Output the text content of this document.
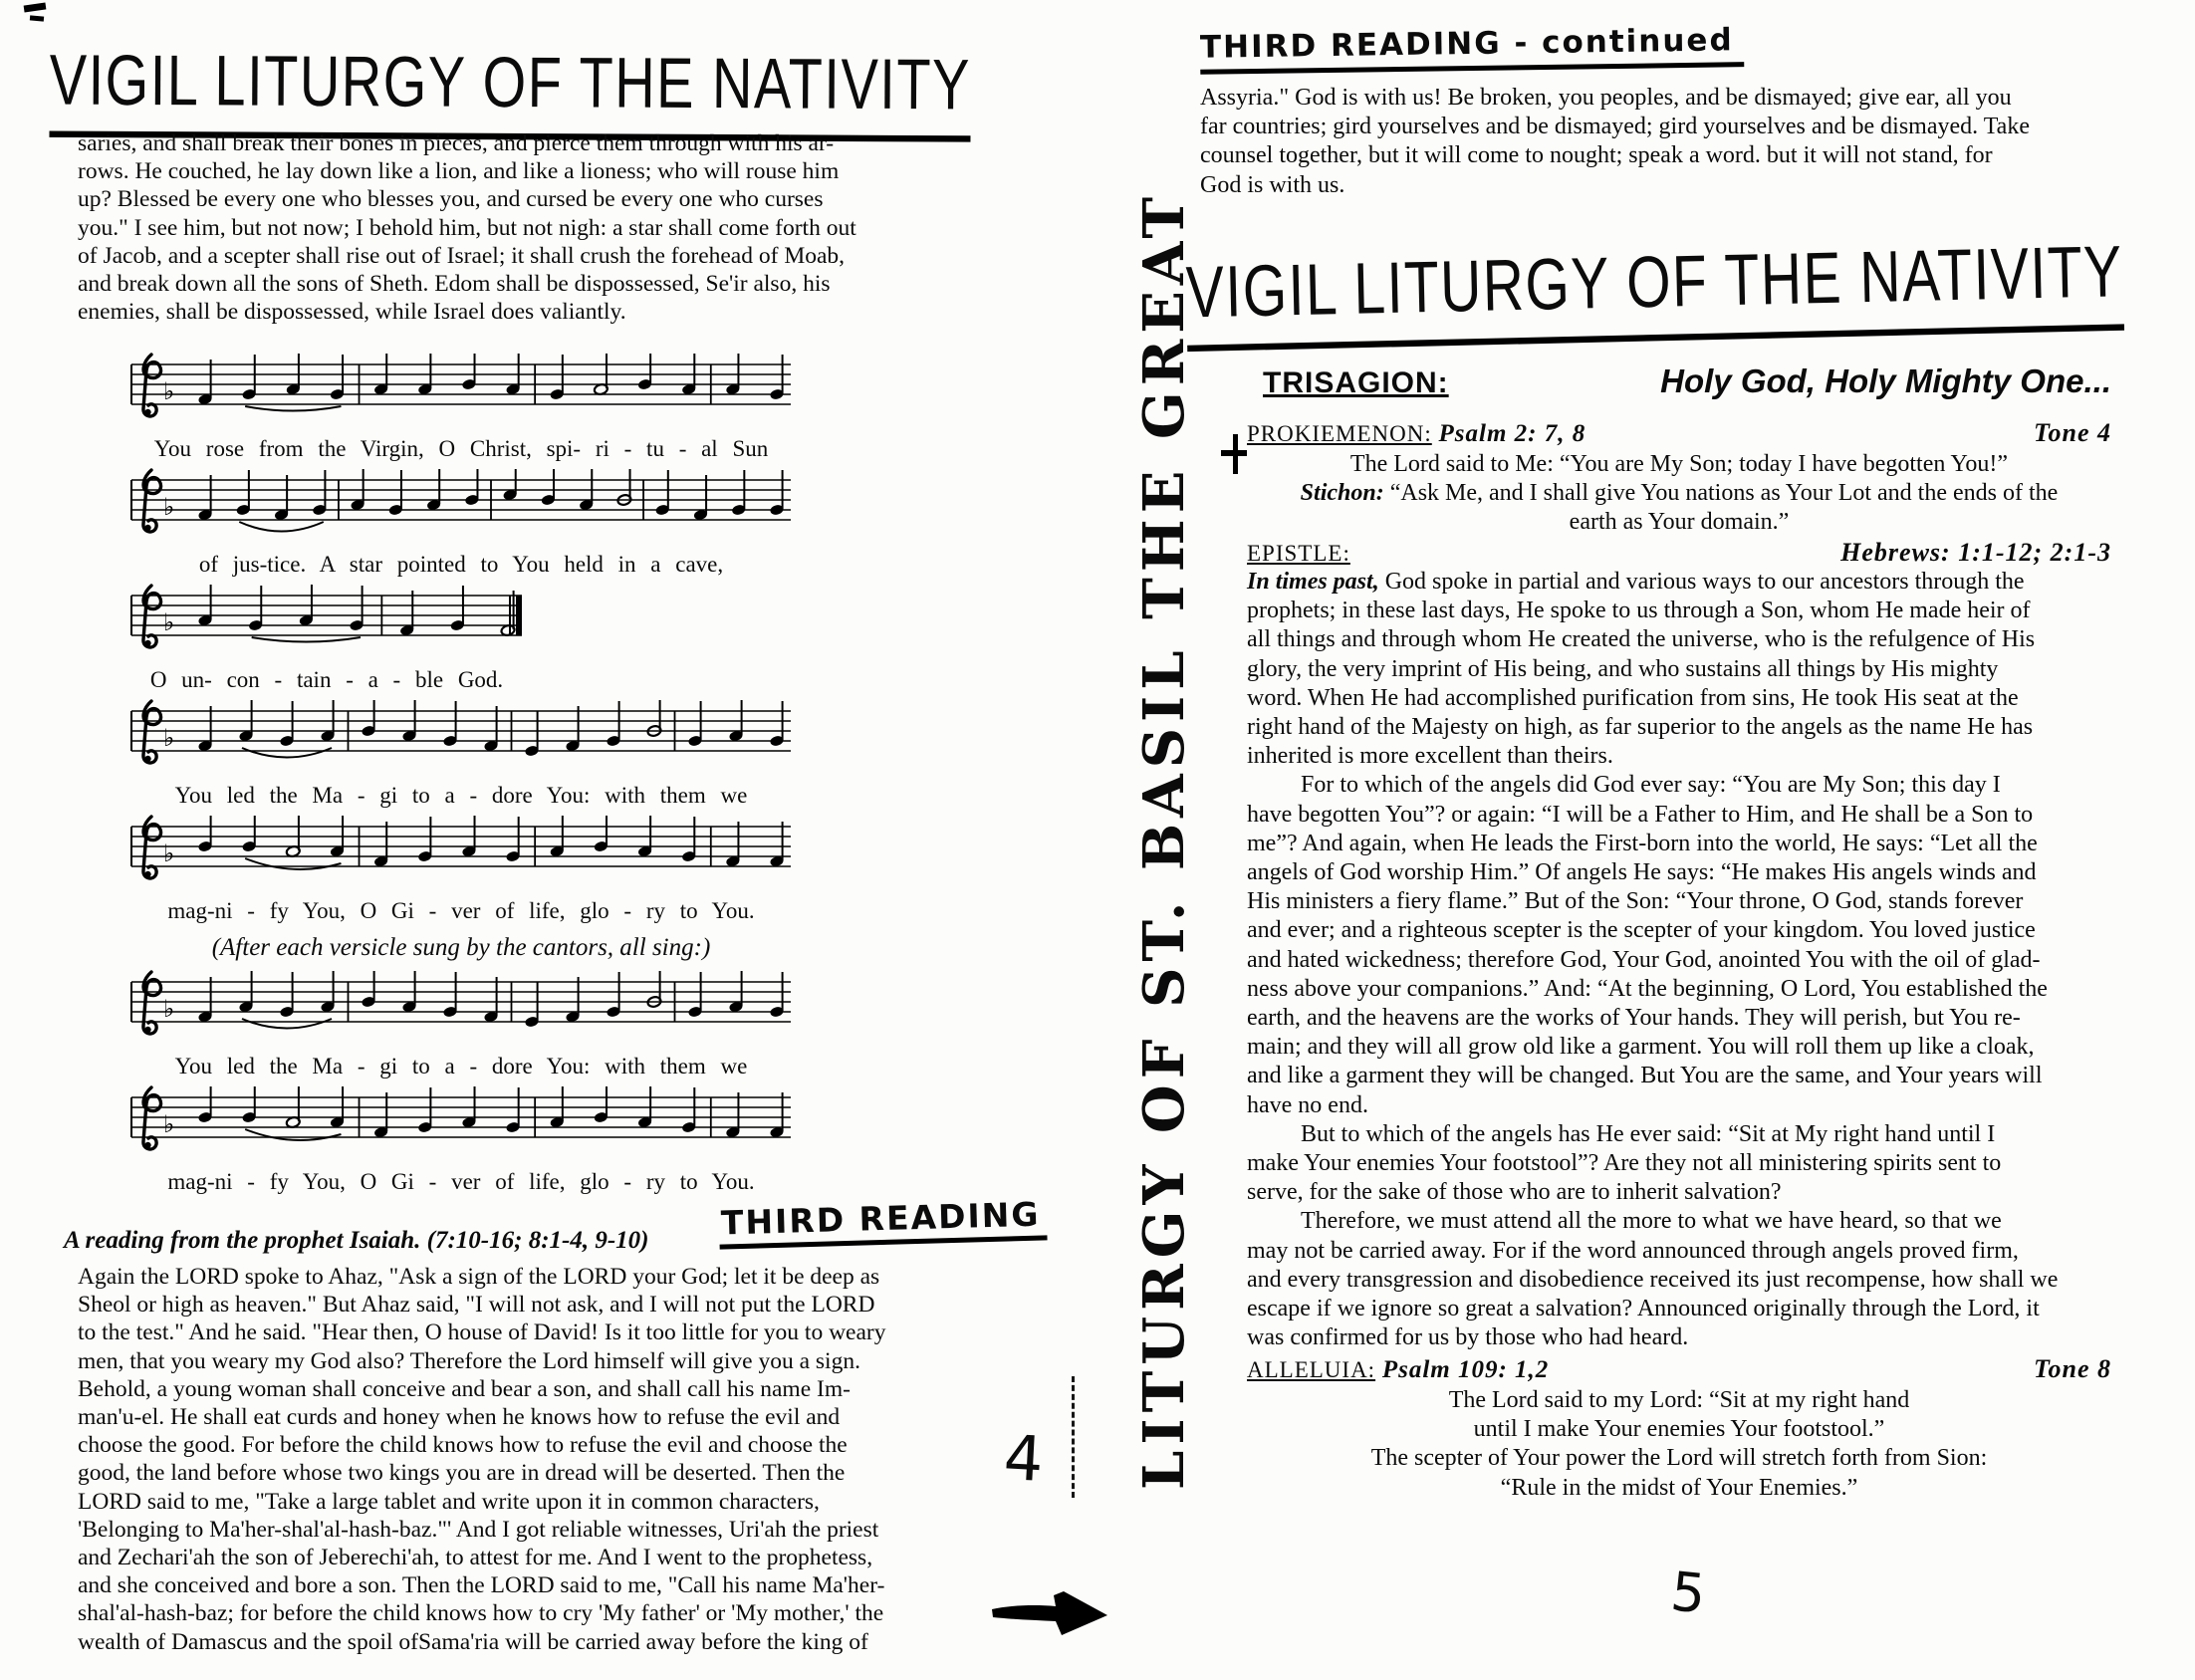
VIGIL LITURGY OF THE NATIVITY
saries, and shall break their bones in pieces, and pierce them through with his ar-
rows. He couched, he lay down like a lion, and like a lioness; who will rouse him
up? Blessed be every one who blesses you, and cursed be every one who curses
you." I see him, but not now; I behold him, but not nigh: a star shall come forth out
of Jacob, and a scepter shall rise out of Israel; it shall crush the forehead of Moab,
and break down all the sons of Sheth. Edom shall be dispossessed, Se'ir also, his
enemies, shall be dispossessed, while Israel does valiantly.
♭
You rose from the Virgin, O Christ, spi- ri - tu - al Sun
♭
of jus-tice. A star pointed to You held in a cave,
♭
O un- con - tain - a - ble God.
♭
You led the Ma - gi to a - dore You: with them we
♭
mag-ni - fy You, O Gi - ver of life, glo - ry to You.
(After each versicle sung by the cantors, all sing:)
♭
You led the Ma - gi to a - dore You: with them we
♭
mag-ni - fy You, O Gi - ver of life, glo - ry to You.
A reading from the prophet Isaiah. (7:10-16; 8:1-4, 9-10) THIRD READING
Again the LORD spoke to Ahaz, "Ask a sign of the LORD your God; let it be deep as
Sheol or high as heaven." But Ahaz said, "I will not ask, and I will not put the LORD
to the test." And he said. "Hear then, O house of David! Is it too little for you to weary
men, that you weary my God also? Therefore the Lord himself will give you a sign.
Behold, a young woman shall conceive and bear a son, and shall call his name Im-
man'u-el. He shall eat curds and honey when he knows how to refuse the evil and
choose the good. For before the child knows how to refuse the evil and choose the
good, the land before whose two kings you are in dread will be deserted. Then the
LORD said to me, "Take a large tablet and write upon it in common characters,
'Belonging to Ma'her-shal'al-hash-baz."' And I got reliable witnesses, Uri'ah the priest
and Zechari'ah the son of Jeberechi'ah, to attest for me. And I went to the prophetess,
and she conceived and bore a son. Then the LORD said to me, "Call his name Ma'her-
shal'al-hash-baz; for before the child knows how to cry 'My father' or 'My mother,' the
wealth of Damascus and the spoil ofSama'ria will be carried away before the king of
4
THIRD READING - continued
Assyria." God is with us! Be broken, you peoples, and be dismayed; give ear, all you
far countries; gird yourselves and be dismayed; gird yourselves and be dismayed. Take
counsel together, but it will come to nought; speak a word. but it will not stand, for
God is with us.
VIGIL LITURGY OF THE NATIVITY
LITURGY OF ST. BASIL THE GREAT TRISAGION:	Holy God, Holy Mighty One...
PROKIEMENON: Psalm 2: 7, 8	Tone 4
The Lord said to Me: “You are My Son; today I have begotten You!”
Stichon: “Ask Me, and I shall give You nations as Your Lot and the ends of the
earth as Your domain.”
EPISTLE:	Hebrews: 1:1-12; 2:1-3
In times past, God spoke in partial and various ways to our ancestors through the
prophets; in these last days, He spoke to us through a Son, whom He made heir of
all things and through whom He created the universe, who is the refulgence of His
glory, the very imprint of His being, and who sustains all things by His mighty
word. When He had accomplished purification from sins, He took His seat at the
right hand of the Majesty on high, as far superior to the angels as the name He has
inherited is more excellent than theirs.
For to which of the angels did God ever say: “You are My Son; this day I
have begotten You”? or again: “I will be a Father to Him, and He shall be a Son to
me”? And again, when He leads the First-born into the world, He says: “Let all the
angels of God worship Him.” Of angels He says: “He makes His angels winds and
His ministers a fiery flame.” But of the Son: “Your throne, O God, stands forever
and ever; and a righteous scepter is the scepter of your kingdom. You loved justice
and hated wickedness; therefore God, Your God, anointed You with the oil of glad-
ness above your companions.” And: “At the beginning, O Lord, You established the
earth, and the heavens are the works of Your hands. They will perish, but You re-
main; and they will all grow old like a garment. You will roll them up like a cloak,
and like a garment they will be changed. But You are the same, and Your years will
have no end.
But to which of the angels has He ever said: “Sit at My right hand until I
make Your enemies Your footstool”? Are they not all ministering spirits sent to
serve, for the sake of those who are to inherit salvation?
Therefore, we must attend all the more to what we have heard, so that we
may not be carried away. For if the word announced through angels proved firm,
and every transgression and disobedience received its just recompense, how shall we
escape if we ignore so great a salvation? Announced originally through the Lord, it
was confirmed for us by those who had heard.
ALLELUIA: Psalm 109: 1,2	Tone 8
The Lord said to my Lord: “Sit at my right hand
until I make Your enemies Your footstool.”
The scepter of Your power the Lord will stretch forth from Sion:
“Rule in the midst of Your Enemies.”
5
